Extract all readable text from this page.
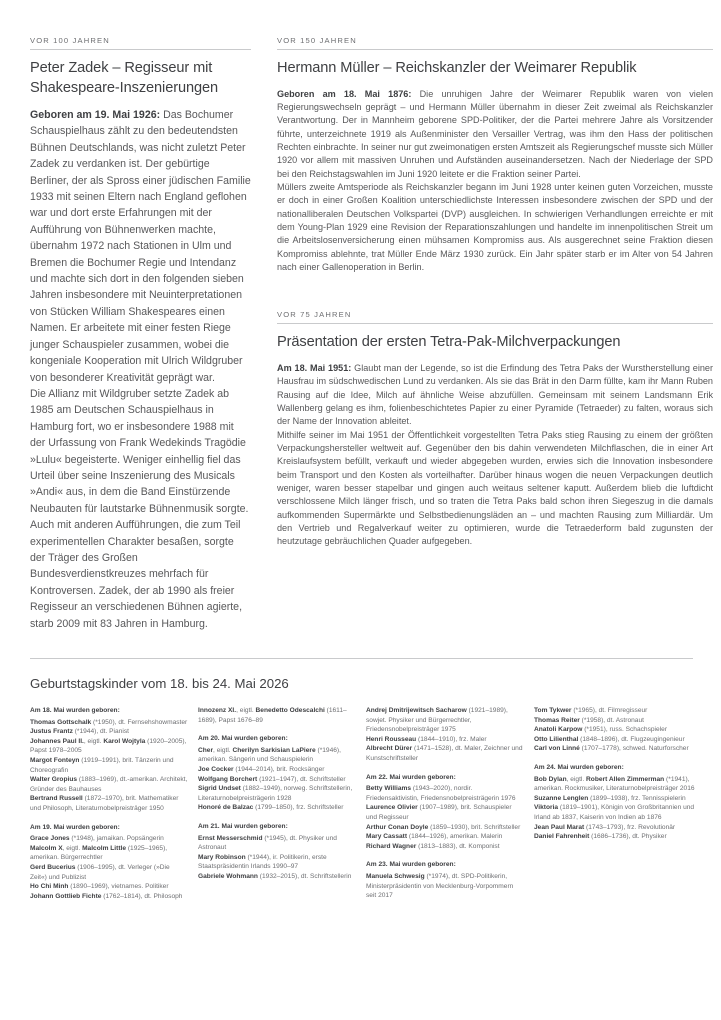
VOR 100 JAHREN
Peter Zadek – Regisseur mit Shakespeare-Inszenierungen

Geboren am 19. Mai 1926: Das Bochumer Schauspielhaus zählt zu den bedeutendsten Bühnen Deutschlands, was nicht zuletzt Peter Zadek zu verdanken ist. Der gebürtige Berliner, der als Spross einer jüdischen Familie 1933 mit seinen Eltern nach England geflohen war und dort erste Erfahrungen mit der Aufführung von Bühnenwerken machte, übernahm 1972 nach Stationen in Ulm und Bremen die Bochumer Regie und Intendanz und machte sich dort in den folgenden sieben Jahren insbesondere mit Neuinterpretationen von Stücken William Shakespeares einen Namen. Er arbeitete mit einer festen Riege junger Schauspieler zusammen, wobei die kongeniale Kooperation mit Ulrich Wildgruber von besonderer Kreativität geprägt war.

Die Allianz mit Wildgruber setzte Zadek ab 1985 am Deutschen Schauspielhaus in Hamburg fort, wo er insbesondere 1988 mit der Urfassung von Frank Wedekinds Tragödie »Lulu« begeisterte. Weniger einhellig fiel das Urteil über seine Inszenierung des Musicals »Andi« aus, in dem die Band Einstürzende Neubauten für lautstarke Bühnenmusik sorgte. Auch mit anderen Aufführungen, die zum Teil experimentellen Charakter besaßen, sorgte der Träger des Großen Bundesverdienstkreuzes mehrfach für Kontroversen. Zadek, der ab 1990 als freier Regisseur an verschiedenen Bühnen agierte, starb 2009 mit 83 Jahren in Hamburg.

VOR 150 JAHREN
Hermann Müller – Reichskanzler der Weimarer Republik

Geboren am 18. Mai 1876: Die unruhigen Jahre der Weimarer Republik waren von vielen Regierungswechseln geprägt – und Hermann Müller übernahm in dieser Zeit zweimal als Reichskanzler Verantwortung. Der in Mannheim geborene SPD-Politiker, der die Partei mehrere Jahre als Vorsitzender führte, unterzeichnete 1919 als Außenminister den Versailler Vertrag, was ihm den Hass der politischen Rechten einbrachte. In seiner nur gut zweimonatigen ersten Amtszeit als Regierungschef musste sich Müller 1920 vor allem mit massiven Unruhen und Aufständen auseinandersetzen. Nach der Niederlage der SPD bei den Reichstagswahlen im Juni 1920 leitete er die Fraktion seiner Partei.

Müllers zweite Amtsperiode als Reichskanzler begann im Juni 1928 unter keinen guten Vorzeichen, musste er doch in einer Großen Koalition unterschiedlichste Interessen insbesondere zwischen der SPD und der nationalliberalen Deutschen Volkspartei (DVP) ausgleichen. In schwierigen Verhandlungen erreichte er mit dem Young-Plan 1929 eine Revision der Reparationszahlungen und handelte im innenpolitischen Streit um die Arbeitslosenversicherung einen mühsamen Kompromiss aus. Als ausgerechnet seine Fraktion diesen Kompromiss ablehnte, trat Müller Ende März 1930 zurück. Ein Jahr später starb er im Alter von 54 Jahren nach einer Gallenoperation in Berlin.

VOR 75 JAHREN
Präsentation der ersten Tetra-Pak-Milchverpackungen

Am 18. Mai 1951: Glaubt man der Legende, so ist die Erfindung des Tetra Paks der Wurstherstellung einer Hausfrau im südschwedischen Lund zu verdanken. Als sie das Brät in den Darm füllte, kam ihr Mann Ruben Rausing auf die Idee, Milch auf ähnliche Weise abzufüllen. Gemeinsam mit seinem Landsmann Erik Wallenberg gelang es ihm, folienbeschichtetes Papier zu einer Pyramide (Tetraeder) zu falten, woraus sich der Name der Innovation ableitet.

Mithilfe seiner im Mai 1951 der Öffentlichkeit vorgestellten Tetra Paks stieg Rausing zu einem der größten Verpackungshersteller weltweit auf. Gegenüber den bis dahin verwendeten Milchflaschen, die in einer Art Kreislaufsystem befüllt, verkauft und wieder abgegeben wurden, erwies sich die Innovation insbesondere beim Transport und den Kosten als vorteilhafter. Darüber hinaus wogen die neuen Verpackungen deutlich weniger, waren besser stapelbar und gingen auch weitaus seltener kaputt. Außerdem blieb die luftdicht verschlossene Milch länger frisch, und so traten die Tetra Paks bald schon ihren Siegeszug in die damals aufkommenden Supermärkte und Selbstbedienungsläden an – und machten Rausing zum Milliardär. Um den Vertrieb und Regalverkauf weiter zu optimieren, wurde die Tetraederform bald zugunsten der heutzutage gebräuchlichen Quader aufgegeben.

Geburtstagskinder vom 18. bis 24. Mai 2026

Am 18. Mai wurden geboren:

Thomas Gottschalk (*1950), dt. Fernsehshowmaster

Justus Frantz (*1944), dt. Pianist

Johannes Paul II., eigtl. Karol Wojtyla (1920–2005), Papst 1978–2005

Margot Fonteyn (1919–1991), brit. Tänzerin und Choreografin

Walter Gropius (1883–1969), dt.-amerikan. Architekt, Gründer des Bauhauses

Bertrand Russell (1872–1970), brit. Mathematiker und Philosoph, Literaturnobelpreisträger 1950

Am 19. Mai wurden geboren:

Grace Jones (*1948), jamaikan. Popsängerin

Malcolm X, eigtl. Malcolm Little (1925–1965), amerikan. Bürgerrechtler

Gerd Bucerius (1906–1995), dt. Verleger (»Die Zeit«) und Publizist

Ho Chi Minh (1890–1969), vietnames. Politiker

Johann Gottlieb Fichte (1762–1814), dt. Philosoph

Innozenz XI., eigtl. Benedetto Odescalchi (1611–1689), Papst 1676–89

Am 20. Mai wurden geboren:

Cher, eigtl. Cherilyn Sarkisian LaPiere (*1946), amerikan. Sängerin und Schauspielerin

Joe Cocker (1944–2014), brit. Rocksänger

Wolfgang Borchert (1921–1947), dt. Schriftsteller

Sigrid Undset (1882–1949), norweg. Schriftstellerin, Literaturnobelpreisträgerin 1928

Honoré de Balzac (1799–1850), frz. Schriftsteller

Am 21. Mai wurden geboren:

Ernst Messerschmid (*1945), dt. Physiker und Astronaut

Mary Robinson (*1944), ir. Politikerin, erste Staatspräsidentin Irlands 1990–97

Gabriele Wohmann (1932–2015), dt. Schriftstellerin

Andrej Dmitrijewitsch Sacharow (1921–1989), sowjet. Physiker und Bürgerrechtler, Friedensnobelpreisträger 1975

Henri Rousseau (1844–1910), frz. Maler

Albrecht Dürer (1471–1528), dt. Maler, Zeichner und Kunstschriftsteller

Am 22. Mai wurden geboren:

Betty Williams (1943–2020), nordir. Friedensaktivistin, Friedensnobelpreisträgerin 1976

Laurence Olivier (1907–1989), brit. Schauspieler und Regisseur

Arthur Conan Doyle (1859–1930), brit. Schriftsteller

Mary Cassatt (1844–1926), amerikan. Malerin

Richard Wagner (1813–1883), dt. Komponist

Am 23. Mai wurden geboren:

Manuela Schwesig (*1974), dt. SPD-Politikerin, Ministerpräsidentin von Mecklenburg-Vorpommern seit 2017

Tom Tykwer (*1965), dt. Filmregisseur

Thomas Reiter (*1958), dt. Astronaut

Anatoli Karpow (*1951), russ. Schachspieler

Otto Lilienthal (1848–1896), dt. Flugzeugingenieur

Carl von Linné (1707–1778), schwed. Naturforscher

Am 24. Mai wurden geboren:

Bob Dylan, eigtl. Robert Allen Zimmerman (*1941), amerikan. Rockmusiker, Literaturnobelpreisträger 2016

Suzanne Lenglen (1899–1938), frz. Tennisspielerin

Viktoria (1819–1901), Königin von Großbritannien und Irland ab 1837, Kaiserin von Indien ab 1876

Jean Paul Marat (1743–1793), frz. Revolutionär

Daniel Fahrenheit (1686–1736), dt. Physiker
